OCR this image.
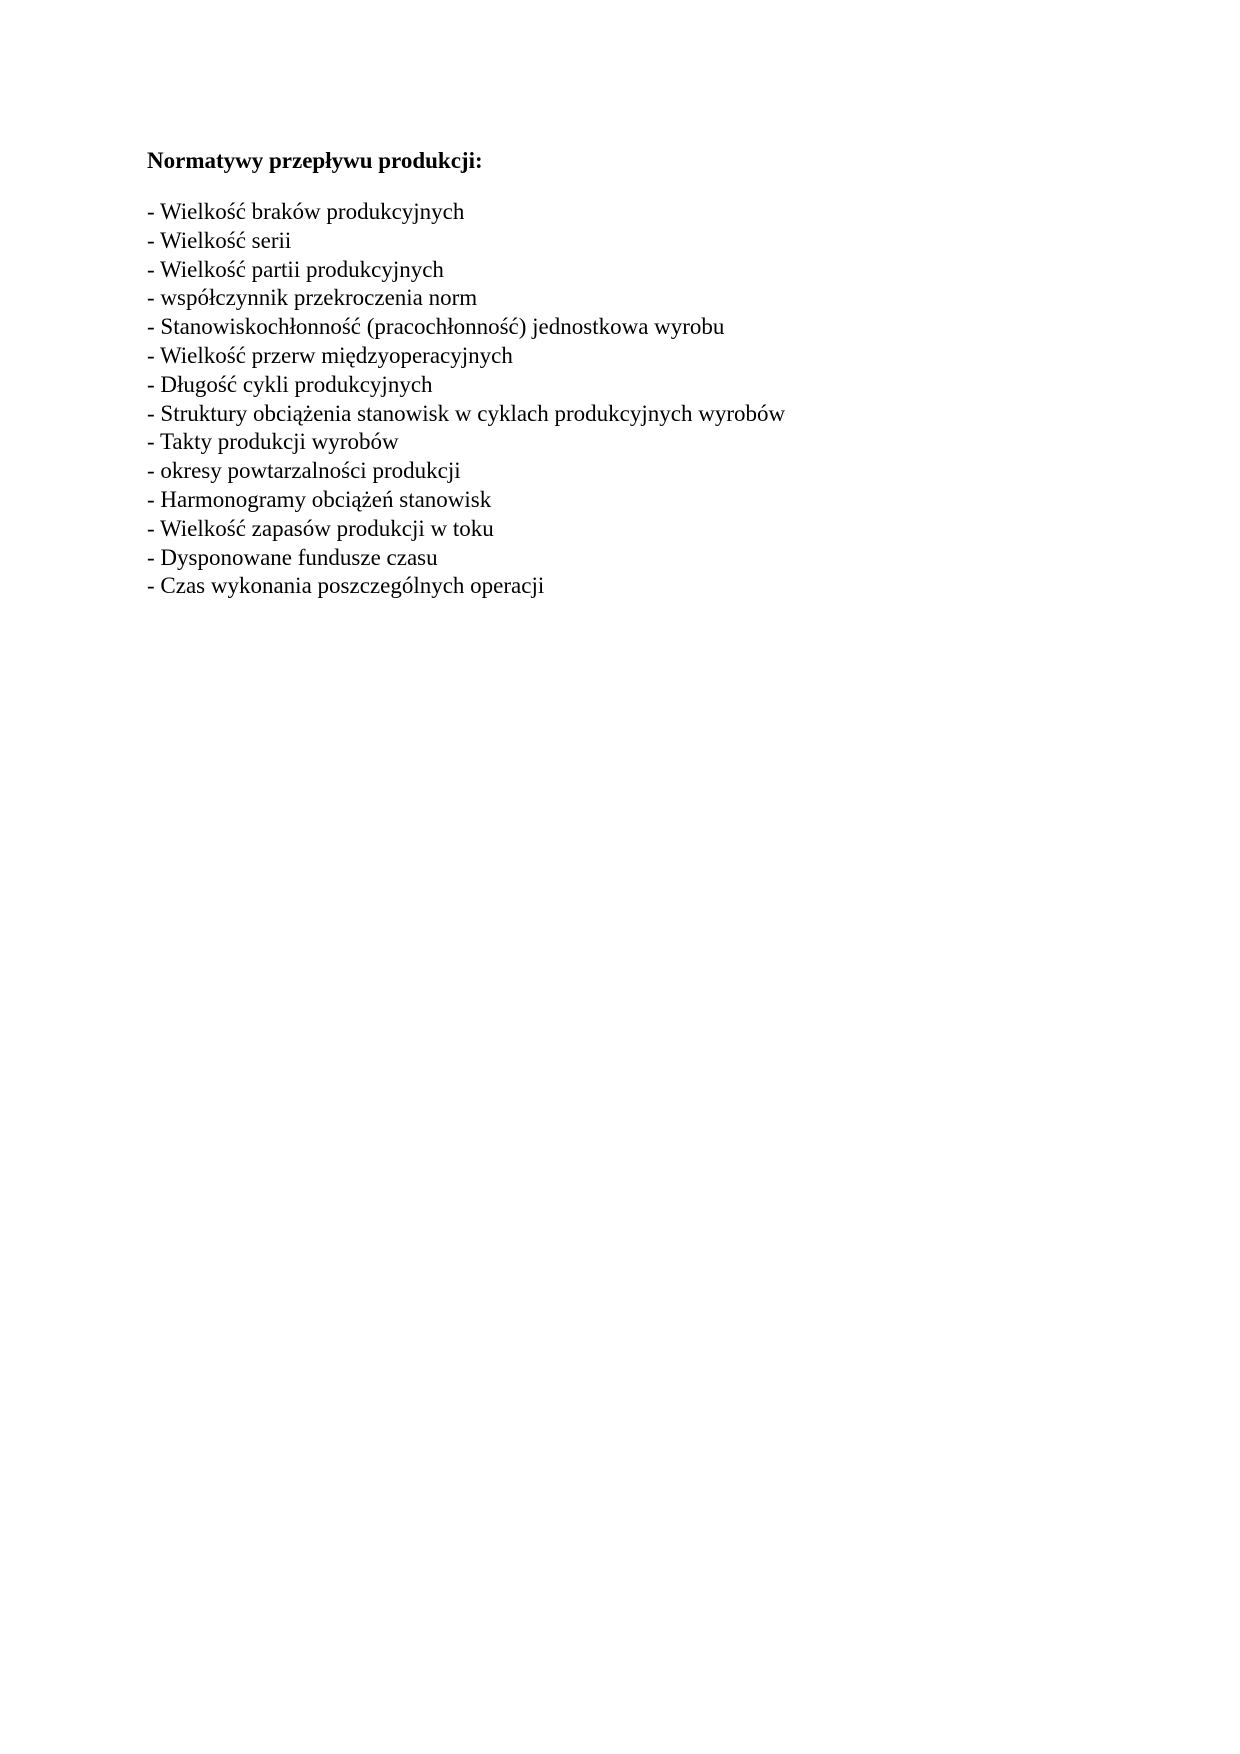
Normatywy przepływu produkcji:
- Wielkość braków produkcyjnych
- Wielkość serii
- Wielkość partii produkcyjnych
- współczynnik przekroczenia norm
- Stanowiskochłonność (pracochłonność) jednostkowa wyrobu
- Wielkość przerw międzyoperacyjnych
- Długość cykli produkcyjnych
- Struktury obciążenia stanowisk w cyklach produkcyjnych wyrobów
- Takty produkcji wyrobów
- okresy powtarzalności produkcji
- Harmonogramy obciążeń stanowisk
- Wielkość zapasów produkcji w toku
- Dysponowane fundusze czasu
- Czas wykonania poszczególnych operacji
